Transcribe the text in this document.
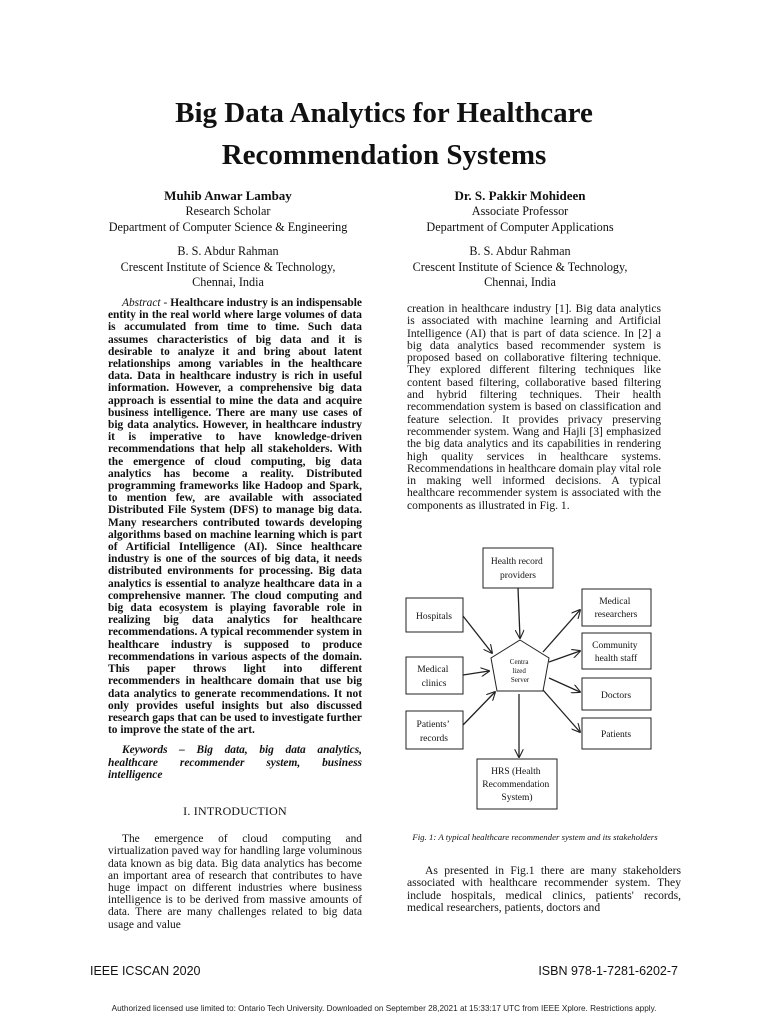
Big Data Analytics for Healthcare
Recommendation Systems
Muhib Anwar Lambay
Research Scholar
Department of Computer Science & Engineering
B. S. Abdur Rahman
Crescent Institute of Science & Technology,
Chennai, India
Dr. S. Pakkir Mohideen
Associate Professor
Department of Computer Applications
B. S. Abdur Rahman
Crescent Institute of Science & Technology,
Chennai, India

Abstract - Healthcare industry is an indispensable entity in the real world where large volumes of data is accumulated from time to time. Such data assumes characteristics of big data and it is desirable to analyze it and bring about latent relationships among variables in the healthcare data. Data in healthcare industry is rich in useful information. However, a comprehensive big data approach is essential to mine the data and acquire business intelligence. There are many use cases of big data analytics. However, in healthcare industry it is imperative to have knowledge-driven recommendations that help all stakeholders. With the emergence of cloud computing, big data analytics has become a reality. Distributed programming frameworks like Hadoop and Spark, to mention few, are available with associated Distributed File System (DFS) to manage big data. Many researchers contributed towards developing algorithms based on machine learning which is part of Artificial Intelligence (AI). Since healthcare industry is one of the sources of big data, it needs distributed environments for processing. Big data analytics is essential to analyze healthcare data in a comprehensive manner. The cloud computing and big data ecosystem is playing favorable role in realizing big data analytics for healthcare recommendations. A typical recommender system in healthcare industry is supposed to produce recommendations in various aspects of the domain. This paper throws light into different recommenders in healthcare domain that use big data analytics to generate recommendations. It not only provides useful insights but also discussed research gaps that can be used to investigate further to improve the state of the art.

Keywords – Big data, big data analytics, healthcare recommender system, business intelligence

I. INTRODUCTION

The emergence of cloud computing and virtualization paved way for handling large voluminous data known as big data. Big data analytics has become an important area of research that contributes to have huge impact on different industries where business intelligence is to be derived from massive amounts of data. There are many challenges related to big data usage and value

creation in healthcare industry [1]. Big data analytics is associated with machine learning and Artificial Intelligence (AI) that is part of data science. In [2] a big data analytics based recommender system is proposed based on collaborative filtering technique. They explored different filtering techniques like content based filtering, collaborative based filtering and hybrid filtering techniques. Their health recommendation system is based on classification and feature selection. It provides privacy preserving recommender system. Wang and Hajli [3] emphasized the big data analytics and its capabilities in rendering high quality services in healthcare systems. Recommendations in healthcare domain play vital role in making well informed decisions. A typical healthcare recommender system is associated with the components as illustrated in Fig. 1.

Health record providers
Hospitals
Medical clinics
Patients’ records
HRS (Health Recommendation System)
Medical researchers
Community health staff
Doctors
Patients
Centra lized Server
Fig. 1: A typical healthcare recommender system and its stakeholders

As presented in Fig.1 there are many stakeholders associated with healthcare recommender system. They include hospitals, medical clinics, patients' records, medical researchers, patients, doctors and

IEEE ICSCAN 2020	ISBN 978-1-7281-6202-7
Authorized licensed use limited to: Ontario Tech University. Downloaded on September 28,2021 at 15:33:17 UTC from IEEE Xplore. Restrictions apply.
